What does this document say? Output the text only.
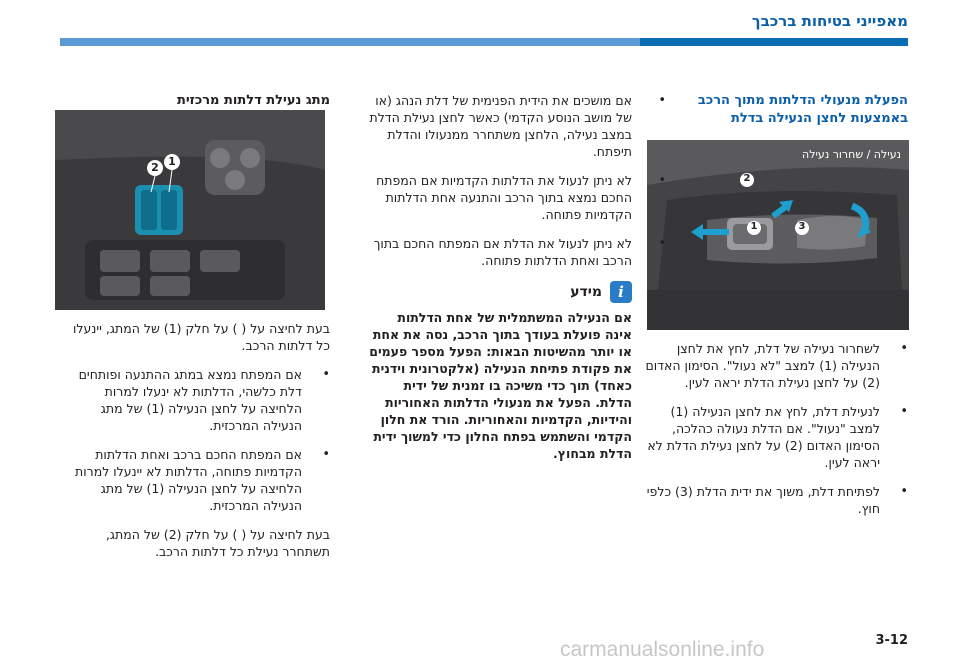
מאפייני בטיחות ברכבך
הפעלת מנעולי הדלתות מתוך הרכב
באמצעות לחצן הנעילה בדלת
נעילה / שחרור נעילה
2
1	3
• לשחרור נעילה של דלת, לחץ את לחצן הנעילה (1) למצב "לא נעול". הסימון האדום (2) על לחצן נעילת הדלת יראה לעין.
• לנעילת דלת, לחץ את לחצן הנעילה (1) למצב "נעול". אם הדלת נעולה כהלכה, הסימון האדום (2) על לחצן נעילת הדלת לא יראה לעין.
• לפתיחת דלת, משוך את ידית הדלת (3) כלפי חוץ.
• אם מושכים את הידית הפנימית של דלת הנהג (או של מושב הנוסע הקדמי) כאשר לחצן נעילת הדלת במצב נעילה, הלחצן משתחרר ממנעולו והדלת תיפתח.
• לא ניתן לנעול את הדלתות הקדמיות אם המפתח החכם נמצא בתוך הרכב והתנעה אחת הדלתות הקדמיות פתוחה.
• לא ניתן לנעול את הדלת אם המפתח החכם בתוך הרכב ואחת הדלתות פתוחה.
i
מידע
אם הנעילה המשתמלית של אחת הדלתות אינה פועלת בעודך בתוך הרכב, נסה את אחת או יותר מהשיטות הבאות: הפעל מספר פעמים את פקודת פתיחת הנעילה (אלקטרונית וידנית כאחד) תוך כדי משיכה בו זמנית של ידית הדלת. הפעל את מנעולי הדלתות האחוריות והידיות, הקדמיות והאחוריות. הורד את חלון הקדמי והשתמש בפתח החלון כדי למשוך ידית הדלת מבחוץ.
מתג נעילת דלתות מרכזית
2 1
בעת לחיצה על ( ) על חלק (1) של המתג, יינעלו כל דלתות הרכב.
• אם המפתח נמצא במתג ההתנעה ופותחים דלת כלשהי, הדלתות לא ינעלו למרות הלחיצה על לחצן הנעילה (1) של מתג הנעילה המרכזית.
• אם המפתח החכם ברכב ואחת הדלתות הקדמיות פתוחה, הדלתות לא יינעלו למרות הלחיצה על לחצן הנעילה (1) של מתג הנעילה המרכזית.
בעת לחיצה על ( ) על חלק (2) של המתג, תשתחרר נעילת כל דלתות הרכב.
3-12
carmanualsonline.info
